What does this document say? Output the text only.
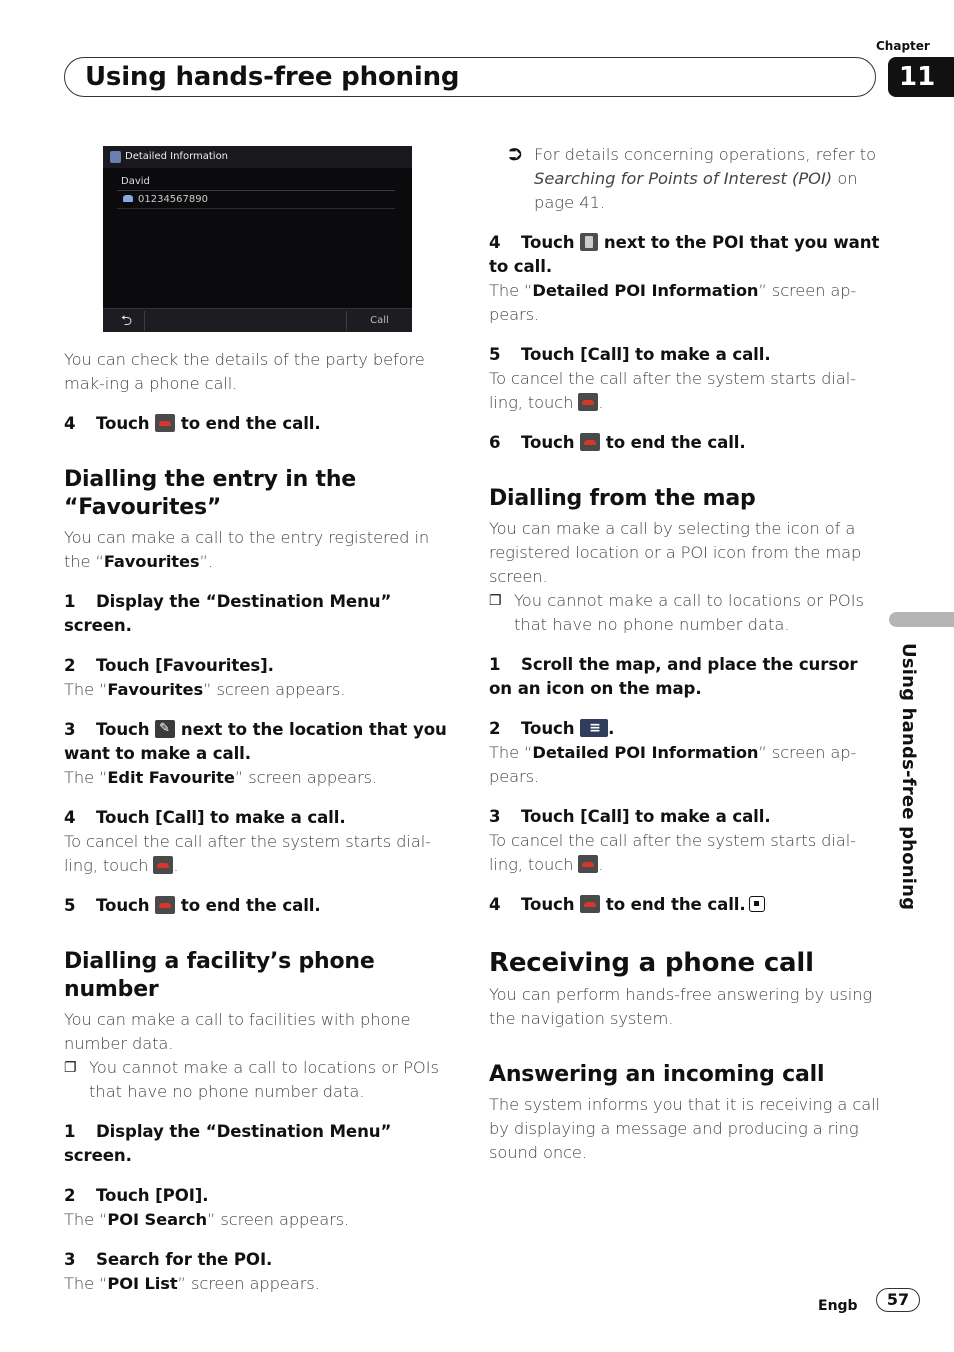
Chapter
11
Using hands-free phoning
Using hands-free phoning
Detailed Information
David
01234567890
⮌	Call

You can check the details of the party before mak-ing a phone call.

4 Touch to end the call.
Dialling the entry in the “Favourites”

You can make a call to the entry registered in the “Favourites”.

1 Display the “Destination Menu” screen.
2 Touch [Favourites].

The “Favourites” screen appears.

3 Touch ✎ next to the location that you want to make a call.

The “Edit Favourite” screen appears.

4 Touch [Call] to make a call.

To cancel the call after the system starts dial-ling, touch .

5 Touch to end the call.
Dialling a facility’s phone number

You can make a call to facilities with phone number data.

❐ You cannot make a call to locations or POIs that have no phone number data.
1 Display the “Destination Menu” screen.
2 Touch [POI].

The “POI Search” screen appears.

3 Search for the POI.

The “POI List” screen appears.

⮊ For details concerning operations, refer to Searching for Points of Interest (POI) on page 41.
4 Touch next to the POI that you want to call.

The “Detailed POI Information” screen ap-pears.

5 Touch [Call] to make a call.

To cancel the call after the system starts dial-ling, touch .

6 Touch to end the call.
Dialling from the map

You can make a call by selecting the icon of a registered location or a POI icon from the map screen.

❐ You cannot make a call to locations or POIs that have no phone number data.
1 Scroll the map, and place the cursor on an icon on the map.
2 Touch ≡ .

The “Detailed POI Information” screen ap-pears.

3 Touch [Call] to make a call.

To cancel the call after the system starts dial-ling, touch .

4 Touch to end the call.
Receiving a phone call

You can perform hands-free answering by using the navigation system.

Answering an incoming call

The system informs you that it is receiving a call by displaying a message and producing a ring sound once.

Engb	57
